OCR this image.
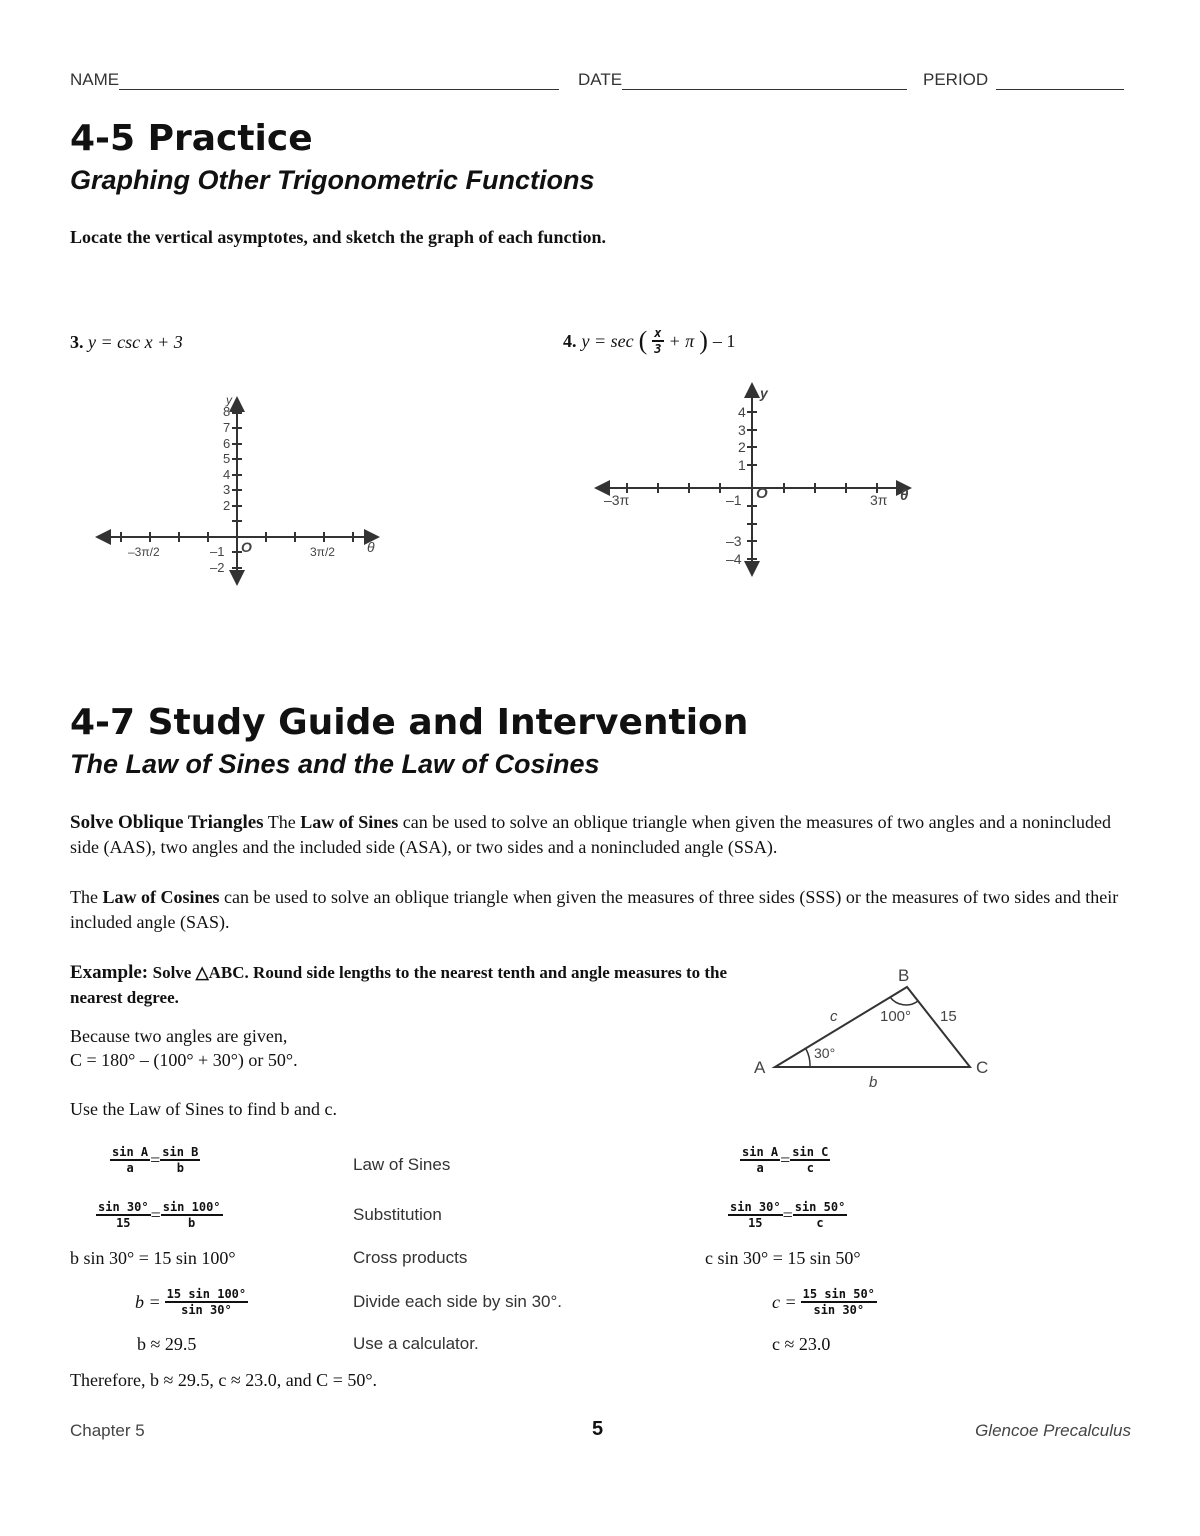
NAME	DATE	PERIOD
4-5 Practice
Graphing Other Trigonometric Functions
Locate the vertical asymptotes, and sketch the graph of each function.
3. y = csc x + 3	4. y = sec ( $\frac{x}{3} + \pi$ ) – 1
8
7
6
5
4
3
2
–1
–2
–3π/2	3π/2
O	θ
y
4
3
2
1
–1
–3
–4
–3π	3π
O	θ
y
4-7 Study Guide and Intervention
The Law of Sines and the Law of Cosines
Solve Oblique Triangles The Law of Sines can be used to solve an oblique triangle when given the measures of two angles and a nonincluded side (AAS), two angles and the included side (ASA), or two sides and a nonincluded angle (SSA).
The Law of Cosines can be used to solve an oblique triangle when given the measures of three sides (SSS) or the measures of two sides and their included angle (SAS).
Example: Solve △ABC. Round side lengths to the nearest tenth and angle measures to the nearest degree.
Because two angles are given,
C = 180° – (100° + 30°) or 50°.
Use the Law of Sines to find b and c.
A
B
C
c
b
15
100°
30°
$\frac{\text{sin A}}{a} = \frac{\text{sin B}}{b}$	Law of Sines	$\frac{\text{sin A}}{a} = \frac{\text{sin C}}{c}$
$\frac{\sin 30^\circ}{15} = \frac{\sin 100^\circ}{b}$	Substitution	$\frac{\sin 30^\circ}{15} = \frac{\sin 50^\circ}{c}$
b sin 30° = 15 sin 100°	Cross products	c sin 30° = 15 sin 50°
$b = \frac{15 \sin 100^\circ}{\sin 30^\circ}$	Divide each side by sin 30°.	$c = \frac{15 \sin 50^\circ}{\sin 30^\circ}$
b ≈ 29.5	Use a calculator.	c ≈ 23.0
Therefore, b ≈ 29.5, c ≈ 23.0, and C = 50°.
Chapter 5	5	Glencoe Precalculus
